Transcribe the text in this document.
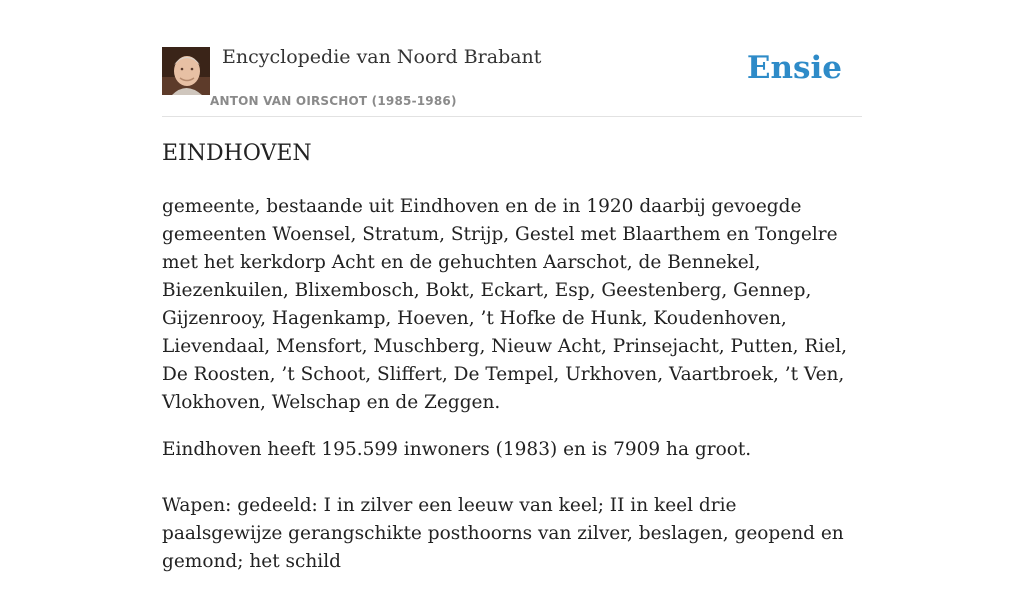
Encyclopedie van Noord Brabant
ANTON VAN OIRSCHOT (1985-1986)
Ensie
EINDHOVEN

gemeente, bestaande uit Eindhoven en de in 1920 daarbij gevoegde gemeenten Woensel, Stratum, Strijp, Gestel met Blaarthem en Tongelre met het kerkdorp Acht en de gehuchten Aarschot, de Bennekel, Biezenkuilen, Blixembosch, Bokt, Eckart, Esp, Geestenberg, Gennep, Gijzenrooy, Hagenkamp, Hoeven, ’t Hofke de Hunk, Koudenhoven, Lievendaal, Mensfort, Muschberg, Nieuw Acht, Prinsejacht, Putten, Riel, De Roosten, ’t Schoot, Sliffert, De Tempel, Urkhoven, Vaartbroek, ’t Ven, Vlokhoven, Welschap en de Zeggen.

Eindhoven heeft 195.599 inwoners (1983) en is 7909 ha groot.

Wapen: gedeeld: I in zilver een leeuw van keel; II in keel drie paalsgewijze gerangschikte posthoorns van zilver, beslagen, geopend en gemond; het schild
